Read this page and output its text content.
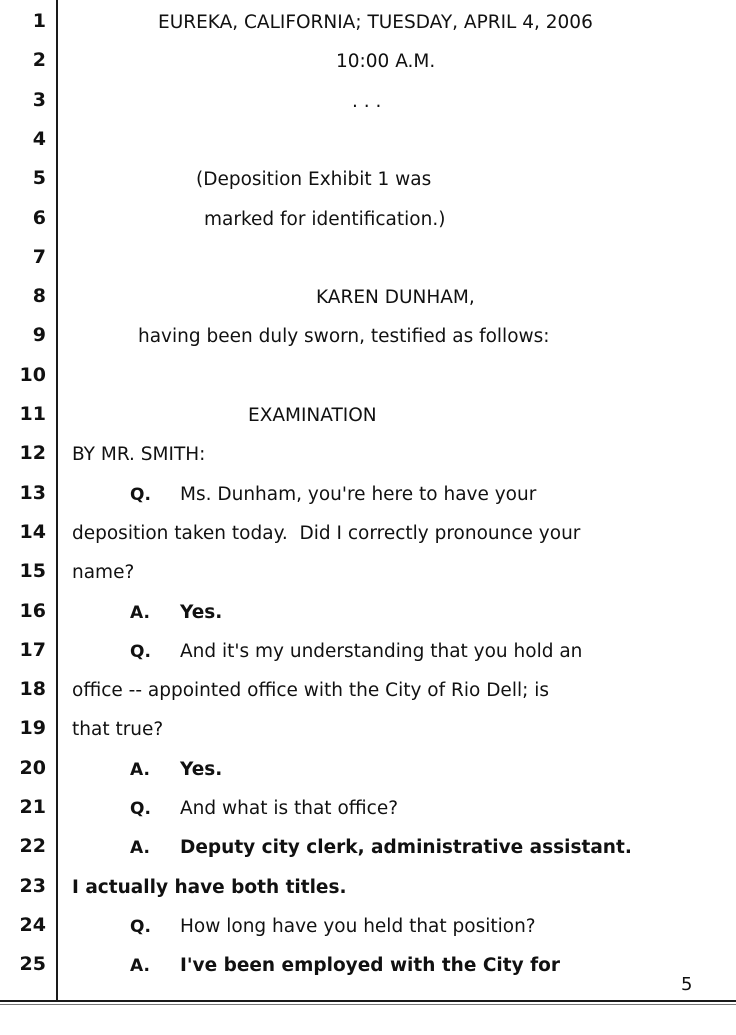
1	EUREKA, CALIFORNIA; TUESDAY, APRIL 4, 2006
2	10:00 A.M.
3	. . .
4
5	(Deposition Exhibit 1 was
6	marked for identification.)
7
8	KAREN DUNHAM,
9	having been duly sworn, testified as follows:
10
11	EXAMINATION
12 BY MR. SMITH:
13	Q. Ms. Dunham, you're here to have your
14 deposition taken today.  Did I correctly pronounce your
15 name?
16	A. Yes.
17	Q. And it's my understanding that you hold an
18 office -- appointed office with the City of Rio Dell; is
19 that true?
20	A. Yes.
21	Q. And what is that office?
22	A. Deputy city clerk, administrative assistant.
23 I actually have both titles.
24	Q. How long have you held that position?
25	A. I've been employed with the City for
5
